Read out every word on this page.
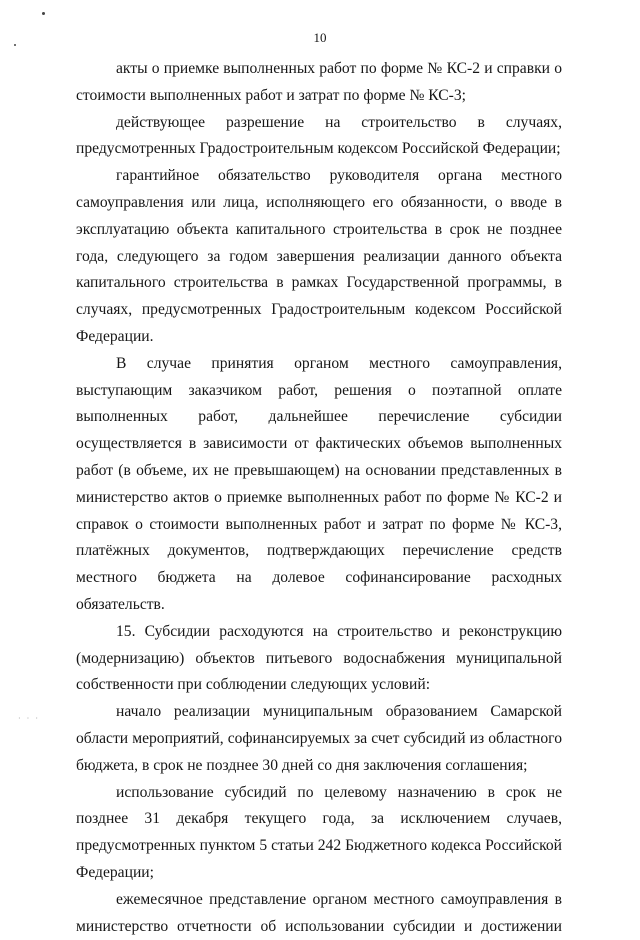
· · ·
10

акты о приемке выполненных работ по форме № КС-2 и справки о стоимости выполненных работ и затрат по форме № КС-3;

действующее разрешение на строительство в случаях, предусмотренных Градостроительным кодексом Российской Федерации;

гарантийное обязательство руководителя органа местного самоуправления или лица, исполняющего его обязанности, о вводе в эксплуатацию объекта капитального строительства в срок не позднее года, следующего за годом завершения реализации данного объекта капитального строительства в рамках Государственной программы, в случаях, предусмотренных Градостроительным кодексом Российской Федерации.

В случае принятия органом местного самоуправления, выступающим заказчиком работ, решения о поэтапной оплате выполненных работ, дальнейшее перечисление субсидии осуществляется в зависимости от фактических объемов выполненных работ (в объеме, их не превышающем) на основании представленных в министерство актов о приемке выполненных работ по форме № КС-2 и справок о стоимости выполненных работ и затрат по форме № КС-3, платёжных документов, подтверждающих перечисление средств местного бюджета на долевое софинансирование расходных обязательств.

15. Субсидии расходуются на строительство и реконструкцию (модернизацию) объектов питьевого водоснабжения муниципальной собственности при соблюдении следующих условий:

начало реализации муниципальным образованием Самарской области мероприятий, софинансируемых за счет субсидий из областного бюджета, в срок не позднее 30 дней со дня заключения соглашения;

использование субсидий по целевому назначению в срок не позднее 31 декабря текущего года, за исключением случаев, предусмотренных пунктом 5 статьи 242 Бюджетного кодекса Российской Федерации;

ежемесячное представление органом местного самоуправления в министерство отчетности об использовании субсидии и достижении
